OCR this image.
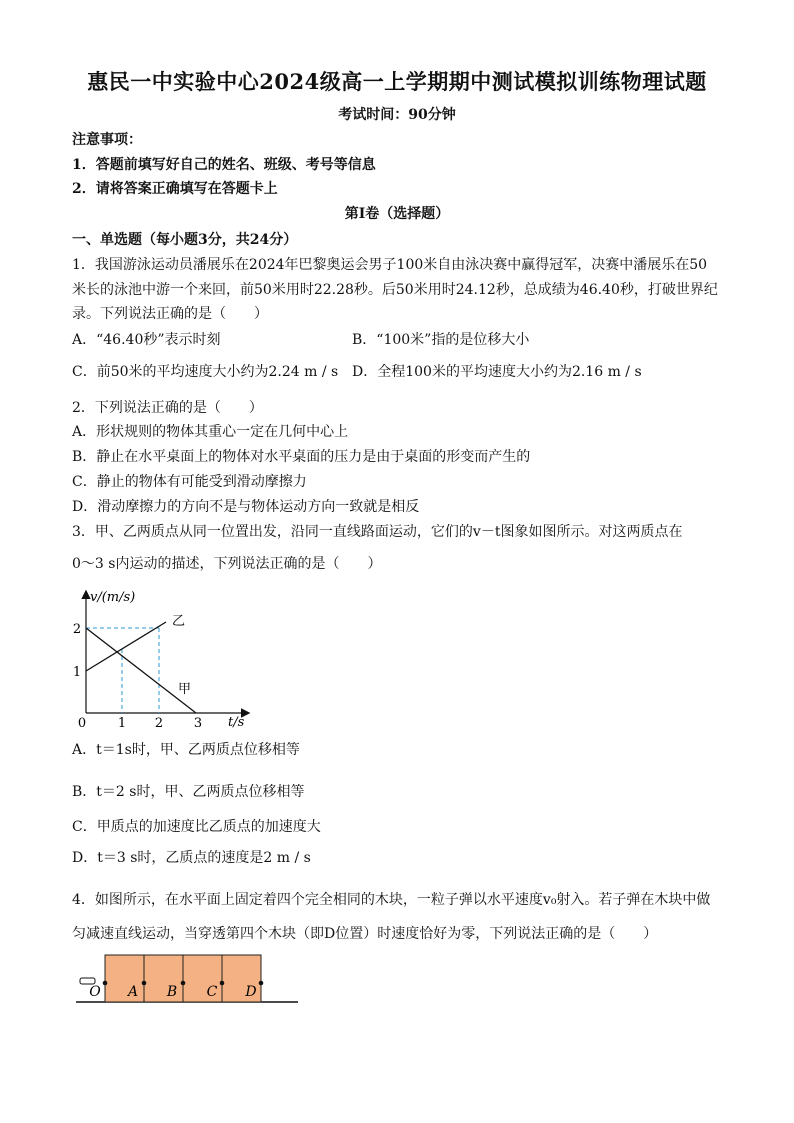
惠民一中实验中心2024级高一上学期期中测试模拟训练物理试题
考试时间：90分钟
注意事项：
1．答题前填写好自己的姓名、班级、考号等信息
2．请将答案正确填写在答题卡上
第I卷（选择题）
一、单选题（每小题3分，共24分）
1．我国游泳运动员潘展乐在2024年巴黎奥运会男子100米自由泳决赛中赢得冠军，决赛中潘展乐在50
米长的泳池中游一个来回，前50米用时22.28秒。后50米用时24.12秒，总成绩为46.40秒，打破世界纪
录。下列说法正确的是（　　）
A．“46.40秒”表示时刻	B．“100米”指的是位移大小
C．前50米的平均速度大小约为2.24 m / s D．全程100米的平均速度大小约为2.16 m / s
2．下列说法正确的是（　　）
A．形状规则的物体其重心一定在几何中心上
B．静止在水平桌面上的物体对水平桌面的压力是由于桌面的形变而产生的
C．静止的物体有可能受到滑动摩擦力
D．滑动摩擦力的方向不是与物体运动方向一致就是相反
3．甲、乙两质点从同一位置出发，沿同一直线路面运动，它们的v－t图象如图所示。对这两质点在
0～3 s内运动的描述，下列说法正确的是（　　）
v/(m/s)
t/s
0 1 2 3
1
2
乙
甲
A．t＝1s时，甲、乙两质点位移相等
B．t＝2 s时，甲、乙两质点位移相等
C．甲质点的加速度比乙质点的加速度大
D．t＝3 s时，乙质点的速度是2 m / s
4．如图所示，在水平面上固定着四个完全相同的木块，一粒子弹以水平速度v₀射入。若子弹在木块中做
匀减速直线运动，当穿透第四个木块（即D位置）时速度恰好为零，下列说法正确的是（　　）
O A B C D
